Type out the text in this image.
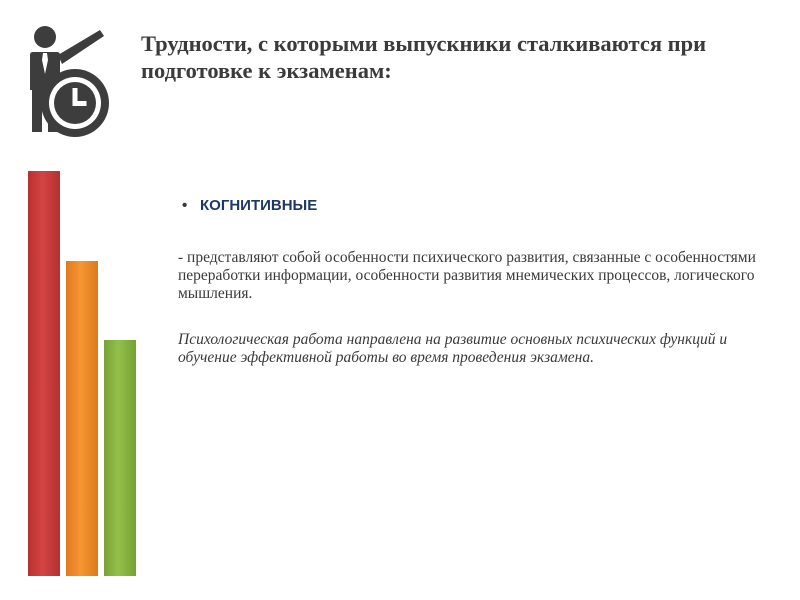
Трудности, с которыми выпускники сталкиваются при подготовке к экзаменам:
• КОГНИТИВНЫЕ
- представляют собой особенности психического развития, связанные с особенностями переработки информации, особенности развития мнемических процессов, логического мышления.
Психологическая работа направлена на развитие основных психических функций и обучение эффективной работы во время проведения экзамена.
